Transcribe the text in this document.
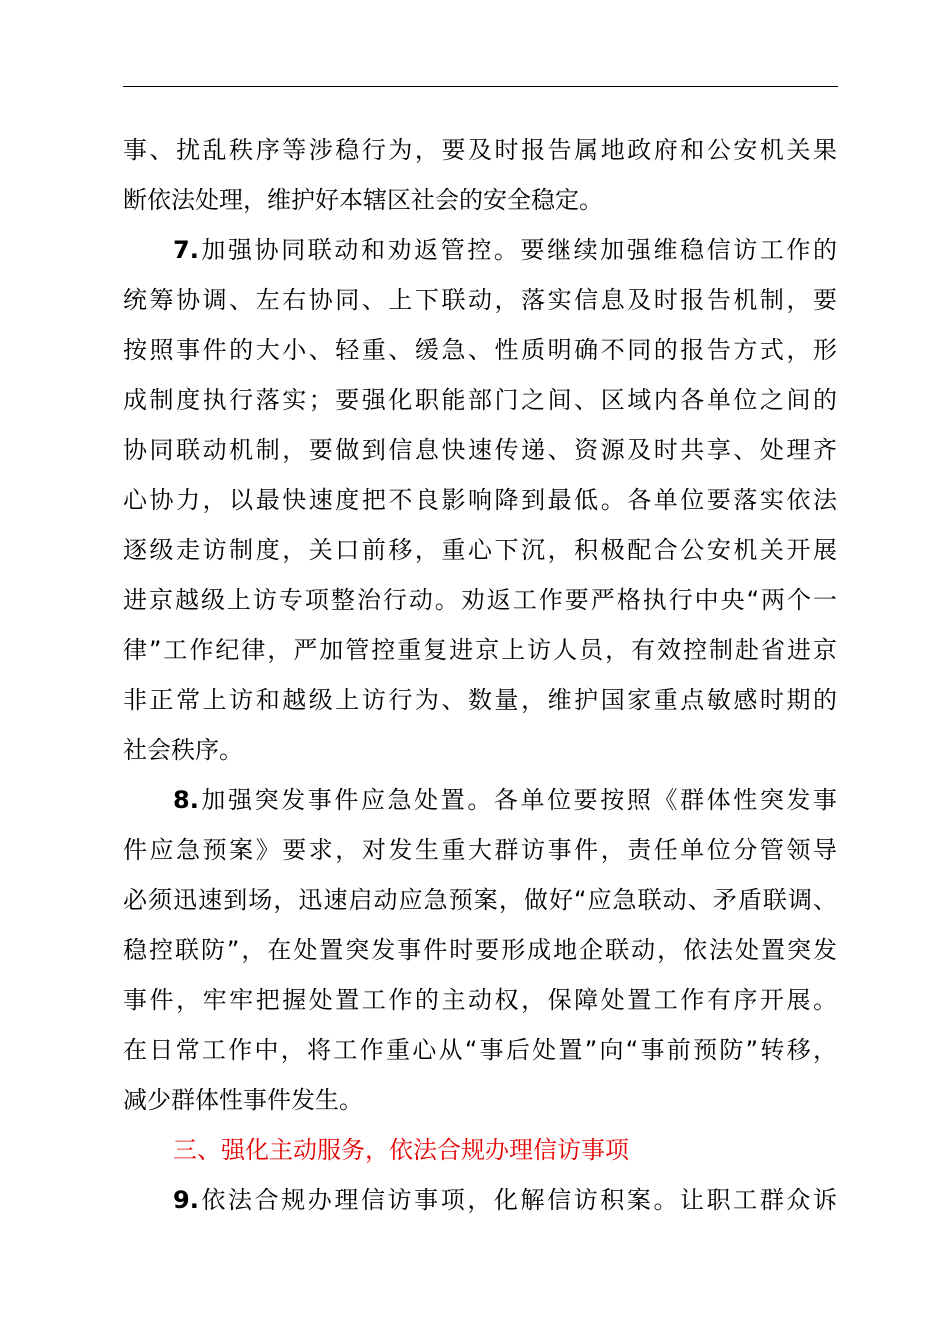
事、扰乱秩序等涉稳行为，要及时报告属地政府和公安机关果
断依法处理，维护好本辖区社会的安全稳定。
7.加强协同联动和劝返管控。要继续加强维稳信访工作的
统筹协调、左右协同、上下联动，落实信息及时报告机制，要
按照事件的大小、轻重、缓急、性质明确不同的报告方式，形
成制度执行落实；要强化职能部门之间、区域内各单位之间的
协同联动机制，要做到信息快速传递、资源及时共享、处理齐
心协力，以最快速度把不良影响降到最低。各单位要落实依法
逐级走访制度，关口前移，重心下沉，积极配合公安机关开展
进京越级上访专项整治行动。劝返工作要严格执行中央“两个一
律”工作纪律，严加管控重复进京上访人员，有效控制赴省进京
非正常上访和越级上访行为、数量，维护国家重点敏感时期的
社会秩序。
8.加强突发事件应急处置。各单位要按照《群体性突发事
件应急预案》要求，对发生重大群访事件，责任单位分管领导
必须迅速到场，迅速启动应急预案，做好“应急联动、矛盾联调、
稳控联防”，在处置突发事件时要形成地企联动，依法处置突发
事件，牢牢把握处置工作的主动权，保障处置工作有序开展。
在日常工作中，将工作重心从“事后处置”向“事前预防”转移，
减少群体性事件发生。
三、强化主动服务，依法合规办理信访事项
9.依法合规办理信访事项，化解信访积案。让职工群众诉
